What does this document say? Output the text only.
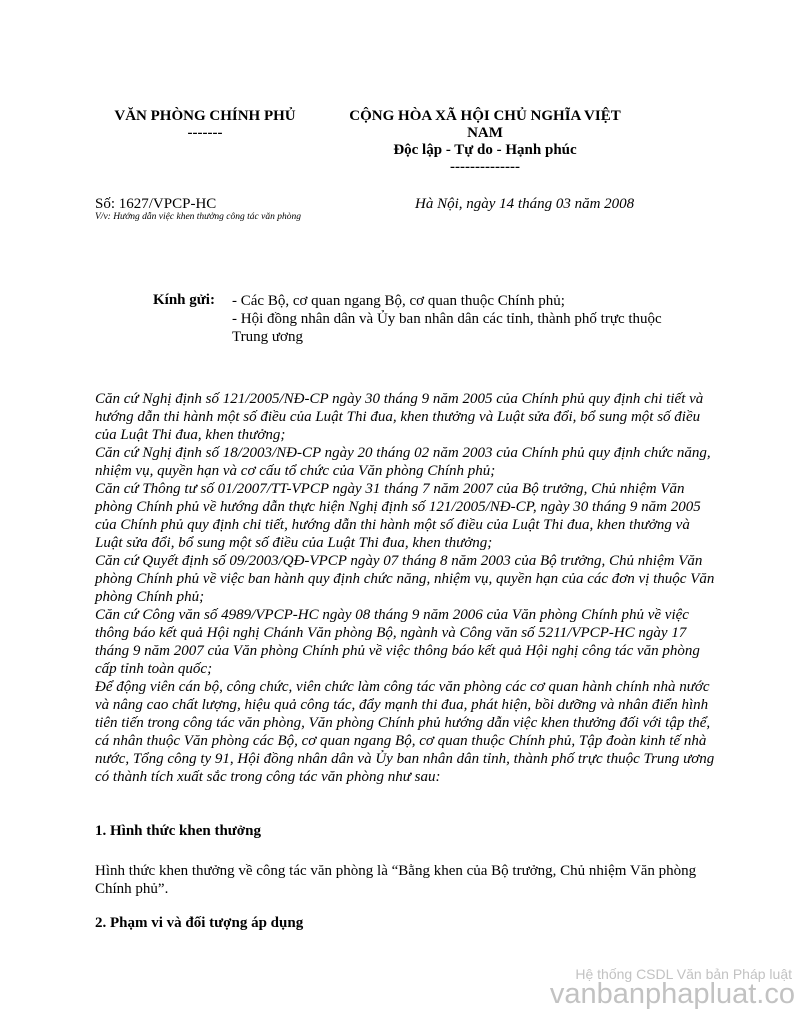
VĂN PHÒNG CHÍNH PHỦ
-------
CỘNG HÒA XÃ HỘI CHỦ NGHĨA VIỆT
NAM
Độc lập - Tự do - Hạnh phúc
--------------
Số: 1627/VPCP-HC
V/v: Hướng dẫn việc khen thưởng công tác văn phòng
Hà Nội, ngày 14 tháng 03 năm 2008
Kính gửi: - Các Bộ, cơ quan ngang Bộ, cơ quan thuộc Chính phủ;
- Hội đồng nhân dân và Ủy ban nhân dân các tỉnh, thành phố trực thuộc Trung ương

Căn cứ Nghị định số 121/2005/NĐ-CP ngày 30 tháng 9 năm 2005 của Chính phủ quy định chi tiết và hướng dẫn thi hành một số điều của Luật Thi đua, khen thưởng và Luật sửa đổi, bổ sung một số điều của Luật Thi đua, khen thưởng;

Căn cứ Nghị định số 18/2003/NĐ-CP ngày 20 tháng 02 năm 2003 của Chính phủ quy định chức năng, nhiệm vụ, quyền hạn và cơ cấu tổ chức của Văn phòng Chính phủ;

Căn cứ Thông tư số 01/2007/TT-VPCP ngày 31 tháng 7 năm 2007 của Bộ trưởng, Chủ nhiệm Văn phòng Chính phủ về hướng dẫn thực hiện Nghị định số 121/2005/NĐ-CP, ngày 30 tháng 9 năm 2005 của Chính phủ quy định chi tiết, hướng dẫn thi hành một số điều của Luật Thi đua, khen thưởng và Luật sửa đổi, bổ sung một số điều của Luật Thi đua, khen thưởng;

Căn cứ Quyết định số 09/2003/QĐ-VPCP ngày 07 tháng 8 năm 2003 của Bộ trưởng, Chủ nhiệm Văn phòng Chính phủ về việc ban hành quy định chức năng, nhiệm vụ, quyền hạn của các đơn vị thuộc Văn phòng Chính phủ;

Căn cứ Công văn số 4989/VPCP-HC ngày 08 tháng 9 năm 2006 của Văn phòng Chính phủ về việc thông báo kết quả Hội nghị Chánh Văn phòng Bộ, ngành và Công văn số 5211/VPCP-HC ngày 17 tháng 9 năm 2007 của Văn phòng Chính phủ về việc thông báo kết quả Hội nghị công tác văn phòng cấp tỉnh toàn quốc;

Để động viên cán bộ, công chức, viên chức làm công tác văn phòng các cơ quan hành chính nhà nước và nâng cao chất lượng, hiệu quả công tác, đẩy mạnh thi đua, phát hiện, bồi dưỡng và nhân điển hình tiên tiến trong công tác văn phòng, Văn phòng Chính phủ hướng dẫn việc khen thưởng đối với tập thể, cá nhân thuộc Văn phòng các Bộ, cơ quan ngang Bộ, cơ quan thuộc Chính phủ, Tập đoàn kinh tế nhà nước, Tổng công ty 91, Hội đồng nhân dân và Ủy ban nhân dân tỉnh, thành phố trực thuộc Trung ương có thành tích xuất sắc trong công tác văn phòng như sau:

1. Hình thức khen thưởng
Hình thức khen thưởng về công tác văn phòng là “Bằng khen của Bộ trưởng, Chủ nhiệm Văn phòng Chính phủ”.
2. Phạm vi và đối tượng áp dụng
Hệ thống CSDL Văn bản Pháp luật
vanbanphapluat.co
